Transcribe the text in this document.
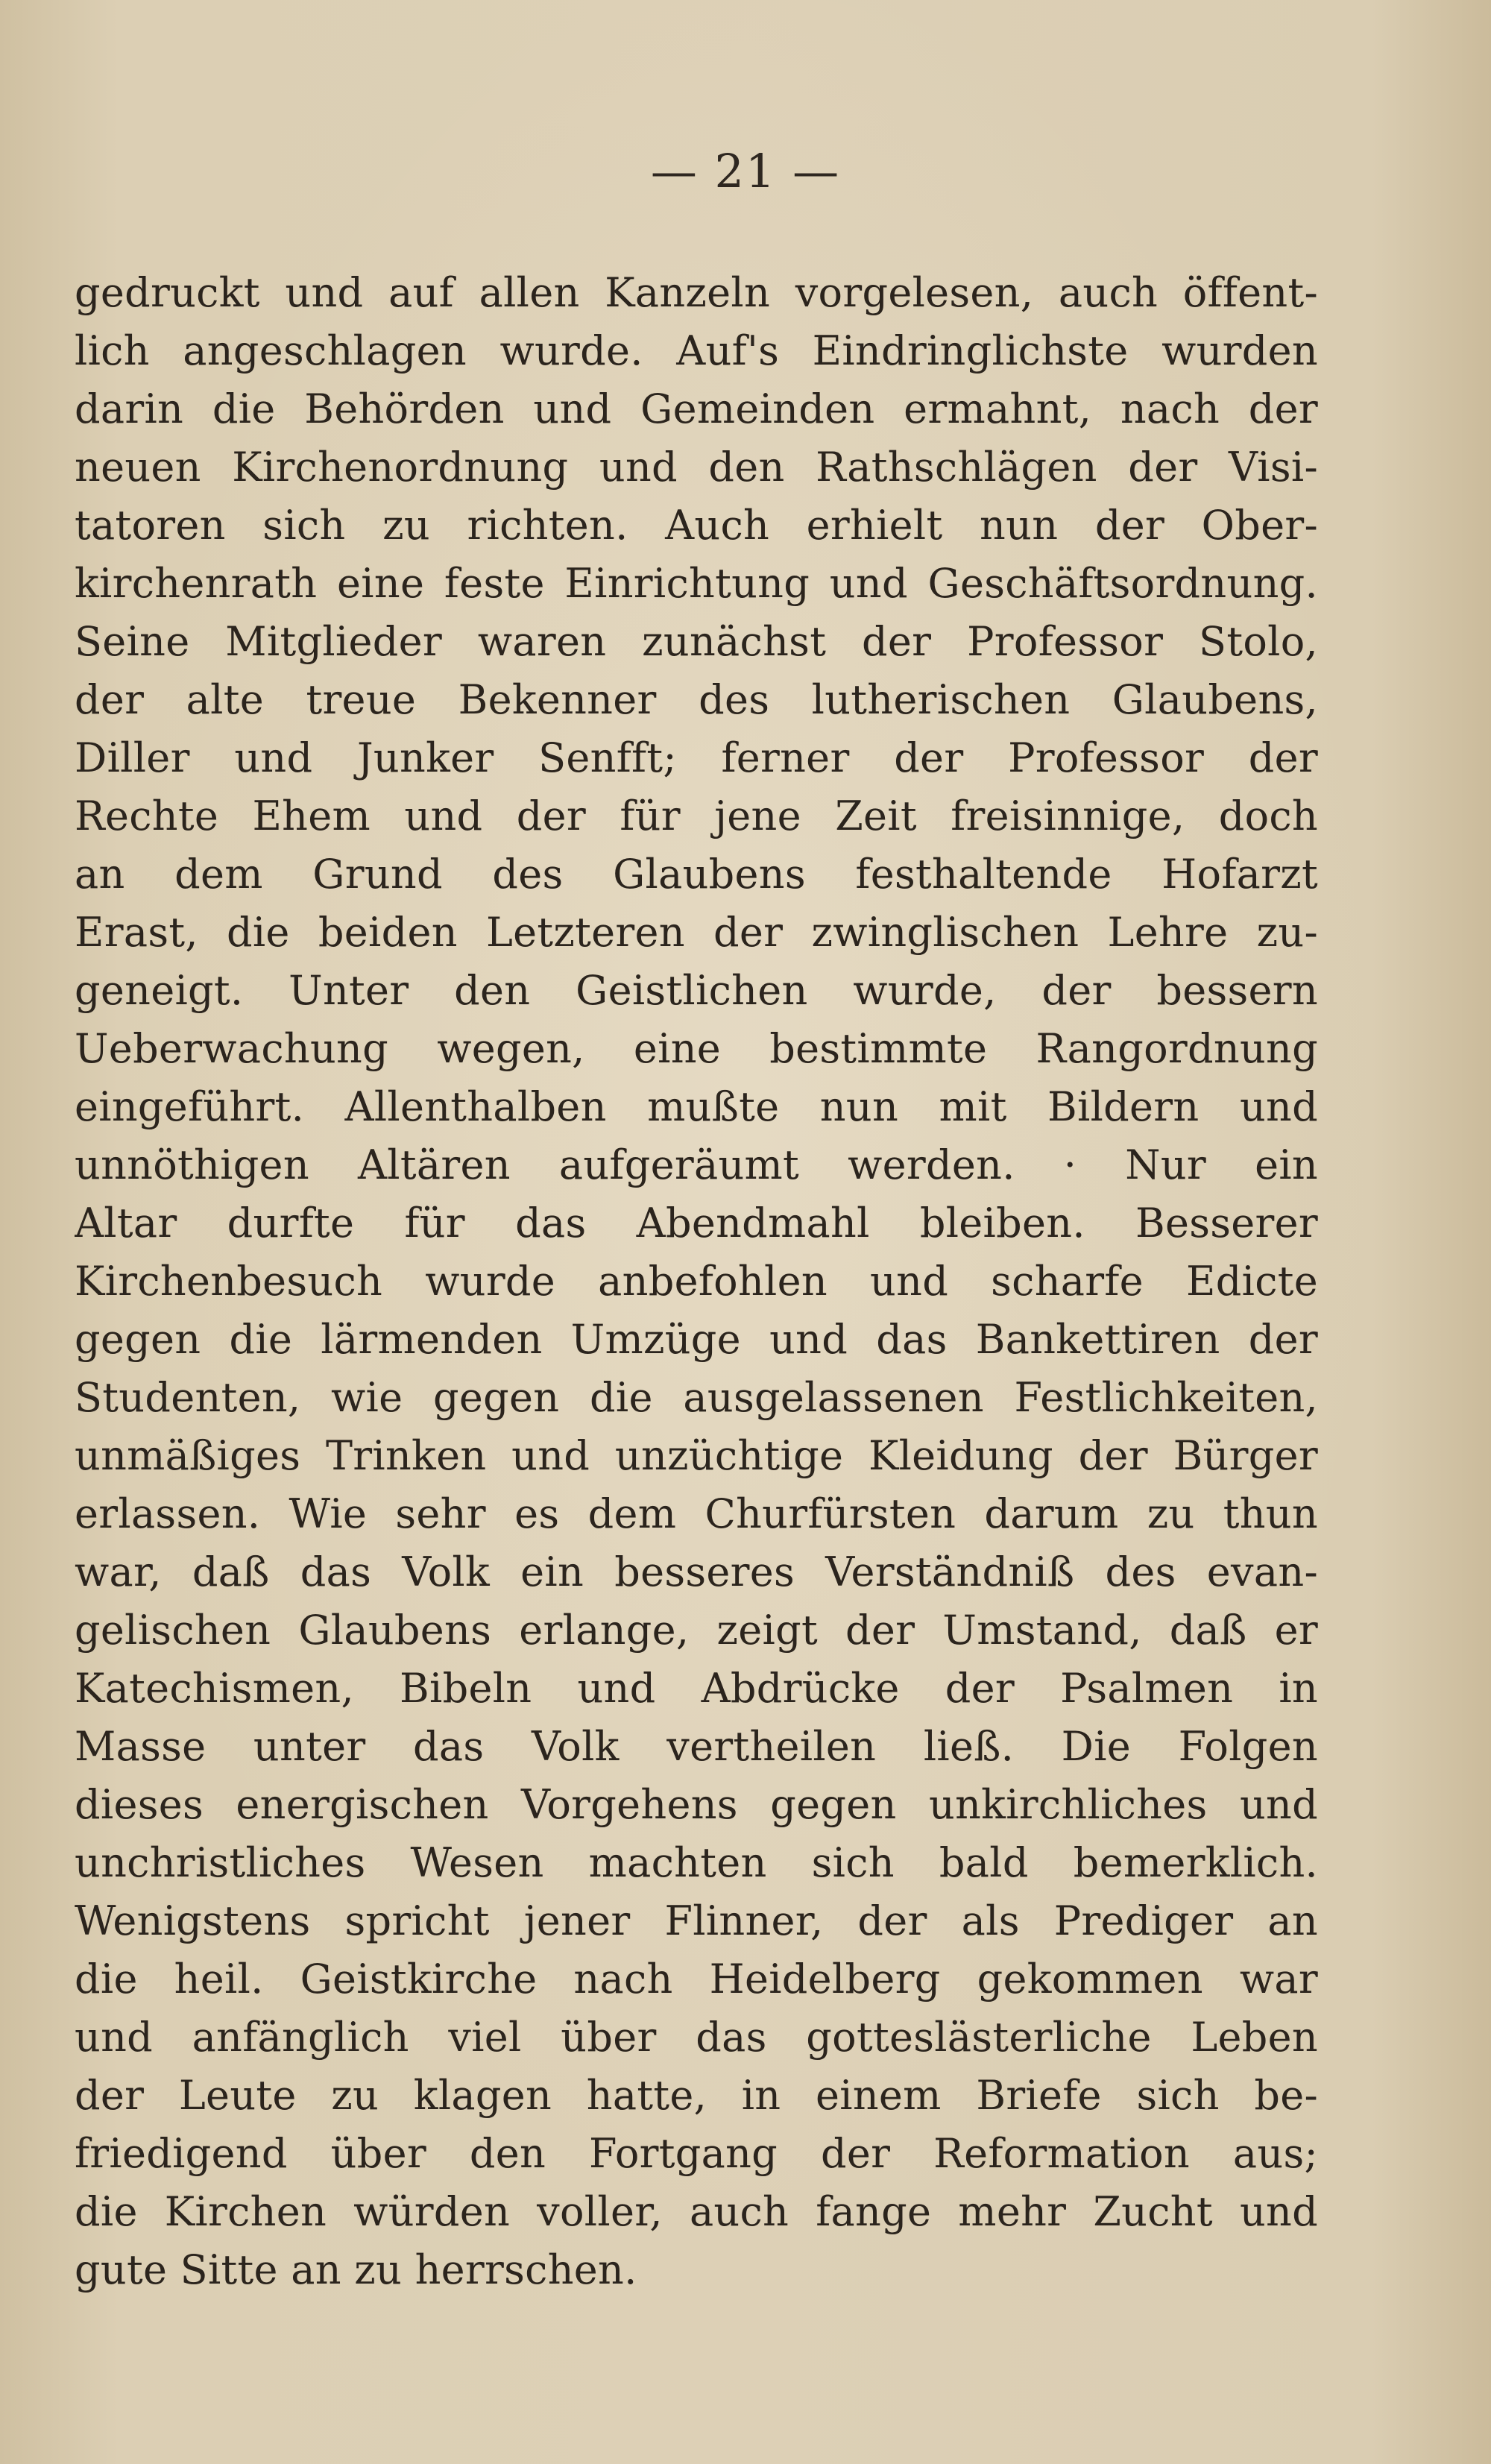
— 21 —
gedruckt und auf allen Kanzeln vorgelesen, auch öffent-
lich angeschlagen wurde. Auf's Eindringlichste wurden
darin die Behörden und Gemeinden ermahnt, nach der
neuen Kirchenordnung und den Rathschlägen der Visi-
tatoren sich zu richten. Auch erhielt nun der Ober-
kirchenrath eine feste Einrichtung und Geschäftsordnung.
Seine Mitglieder waren zunächst der Professor Stolo,
der alte treue Bekenner des lutherischen Glaubens,
Diller und Junker Senfft; ferner der Professor der
Rechte Ehem und der für jene Zeit freisinnige, doch
an dem Grund des Glaubens festhaltende Hofarzt
Erast, die beiden Letzteren der zwinglischen Lehre zu-
geneigt. Unter den Geistlichen wurde, der bessern
Ueberwachung wegen, eine bestimmte Rangordnung
eingeführt. Allenthalben mußte nun mit Bildern und
unnöthigen Altären aufgeräumt werden. · Nur ein
Altar durfte für das Abendmahl bleiben. Besserer
Kirchenbesuch wurde anbefohlen und scharfe Edicte
gegen die lärmenden Umzüge und das Bankettiren der
Studenten, wie gegen die ausgelassenen Festlichkeiten,
unmäßiges Trinken und unzüchtige Kleidung der Bürger
erlassen. Wie sehr es dem Churfürsten darum zu thun
war, daß das Volk ein besseres Verständniß des evan-
gelischen Glaubens erlange, zeigt der Umstand, daß er
Katechismen, Bibeln und Abdrücke der Psalmen in
Masse unter das Volk vertheilen ließ. Die Folgen
dieses energischen Vorgehens gegen unkirchliches und
unchristliches Wesen machten sich bald bemerklich.
Wenigstens spricht jener Flinner, der als Prediger an
die heil. Geistkirche nach Heidelberg gekommen war
und anfänglich viel über das gotteslästerliche Leben
der Leute zu klagen hatte, in einem Briefe sich be-
friedigend über den Fortgang der Reformation aus;
die Kirchen würden voller, auch fange mehr Zucht und
gute Sitte an zu herrschen.
